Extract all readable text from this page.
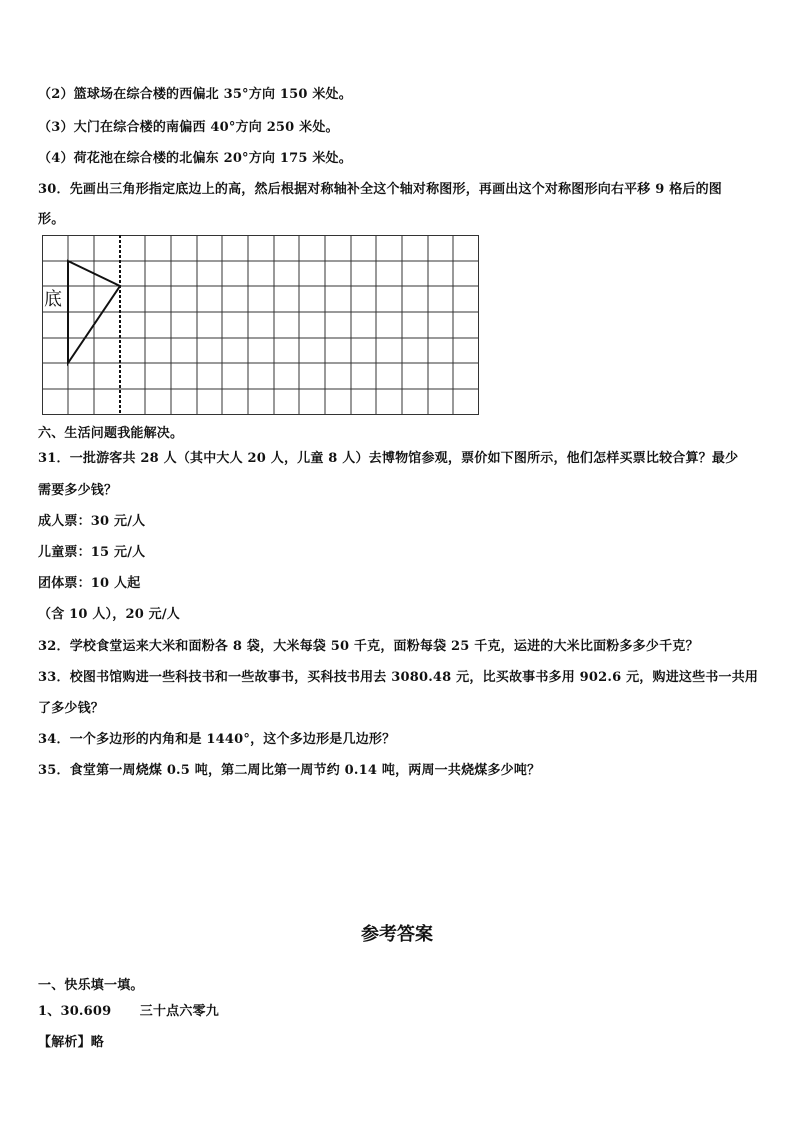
（2）篮球场在综合楼的西偏北 35°方向 150 米处。
（3）大门在综合楼的南偏西 40°方向 250 米处。
（4）荷花池在综合楼的北偏东 20°方向 175 米处。
30．先画出三角形指定底边上的高，然后根据对称轴补全这个轴对称图形，再画出这个对称图形向右平移 9 格后的图
形。
底
六、生活问题我能解决。
31．一批游客共 28 人（其中大人 20 人，儿童 8 人）去博物馆参观，票价如下图所示，他们怎样买票比较合算？最少
需要多少钱？
成人票：30 元/人
儿童票：15 元/人
团体票：10 人起
（含 10 人），20 元/人
32．学校食堂运来大米和面粉各 8 袋，大米每袋 50 千克，面粉每袋 25 千克，运进的大米比面粉多多少千克？
33．校图书馆购进一些科技书和一些故事书，买科技书用去 3080.48 元，比买故事书多用 902.6 元，购进这些书一共用
了多少钱？
34．一个多边形的内角和是 1440°，这个多边形是几边形？
35．食堂第一周烧煤 0.5 吨，第二周比第一周节约 0.14 吨，两周一共烧煤多少吨？
参考答案
一、快乐填一填。
1、30.609      三十点六零九
【解析】略
